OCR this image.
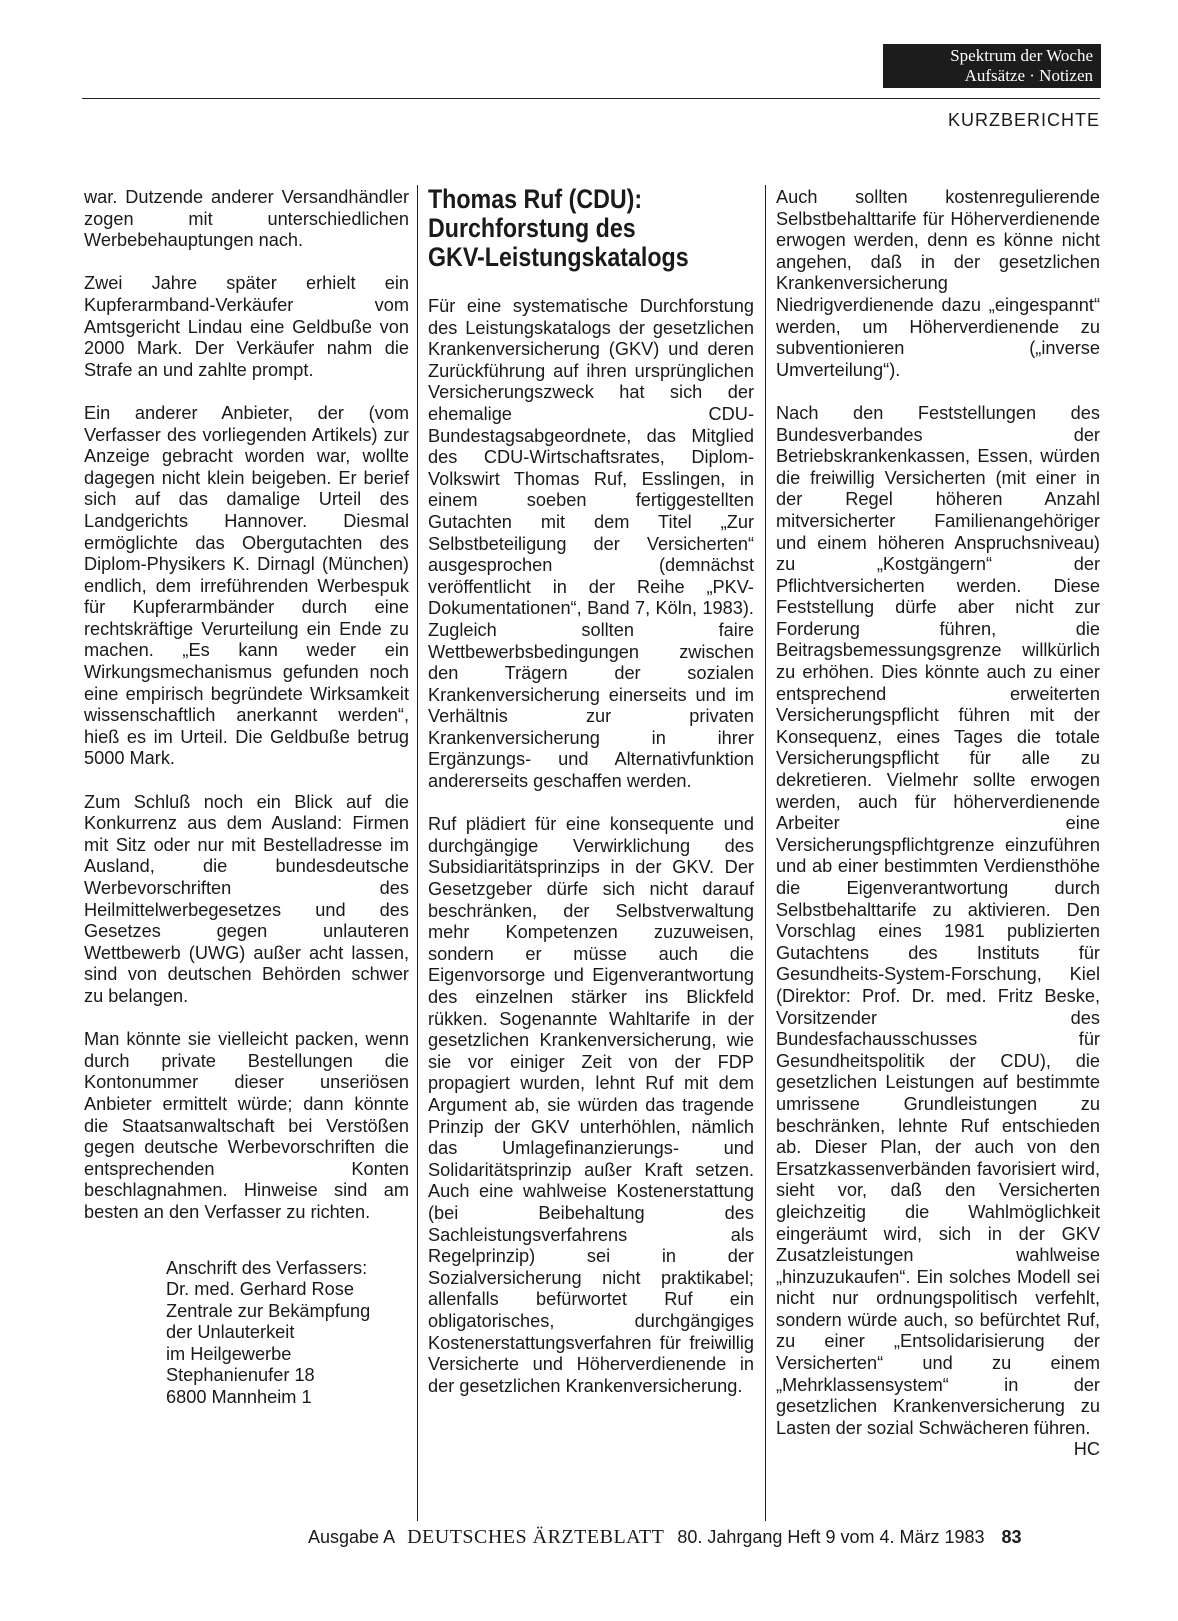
Spektrum der Woche
Aufsätze · Notizen
KURZBERICHTE

war. Dutzende anderer Versandhändler zogen mit unterschiedlichen Werbebehauptungen nach.

Zwei Jahre später erhielt ein Kupferarmband-Verkäufer vom Amtsgericht Lindau eine Geldbuße von 2000 Mark. Der Verkäufer nahm die Strafe an und zahlte prompt.

Ein anderer Anbieter, der (vom Verfasser des vorliegenden Artikels) zur Anzeige gebracht worden war, wollte dagegen nicht klein beigeben. Er berief sich auf das damalige Urteil des Landgerichts Hannover. Diesmal ermöglichte das Obergutachten des Diplom-Physikers K. Dirnagl (München) endlich, dem irreführenden Werbespuk für Kupferarmbänder durch eine rechtskräftige Verurteilung ein Ende zu machen. „Es kann weder ein Wirkungsmechanismus gefunden noch eine empirisch begründete Wirksamkeit wissenschaftlich anerkannt werden“, hieß es im Urteil. Die Geldbuße betrug 5000 Mark.

Zum Schluß noch ein Blick auf die Konkurrenz aus dem Ausland: Firmen mit Sitz oder nur mit Bestelladresse im Ausland, die bundesdeutsche Werbevorschriften des Heilmittelwerbegesetzes und des Gesetzes gegen unlauteren Wettbewerb (UWG) außer acht lassen, sind von deutschen Behörden schwer zu belangen.

Man könnte sie vielleicht packen, wenn durch private Bestellungen die Kontonummer dieser unseriösen Anbieter ermittelt würde; dann könnte die Staatsanwaltschaft bei Verstößen gegen deutsche Werbevorschriften die entsprechenden Konten beschlagnahmen. Hinweise sind am besten an den Verfasser zu richten.

Anschrift des Verfassers:
Dr. med. Gerhard Rose
Zentrale zur Bekämpfung
der Unlauterkeit
im Heilgewerbe
Stephanienufer 18
6800 Mannheim 1
Thomas Ruf (CDU):
Durchforstung des
GKV-Leistungskatalogs

Für eine systematische Durchforstung des Leistungskatalogs der gesetzlichen Krankenversicherung (GKV) und deren Zurückführung auf ihren ursprünglichen Versicherungszweck hat sich der ehemalige CDU-Bundestagsabgeordnete, das Mitglied des CDU-Wirtschaftsrates, Diplom-Volkswirt Thomas Ruf, Esslingen, in einem soeben fertiggestellten Gutachten mit dem Titel „Zur Selbstbeteiligung der Versicherten“ ausgesprochen (demnächst veröffentlicht in der Reihe „PKV-Dokumentationen“, Band 7, Köln, 1983). Zugleich sollten faire Wettbewerbsbedingungen zwischen den Trägern der sozialen Krankenversicherung einerseits und im Verhältnis zur privaten Krankenversicherung in ihrer Ergänzungs- und Alternativfunktion andererseits geschaffen werden.

Ruf plädiert für eine konsequente und durchgängige Verwirklichung des Subsidiaritätsprinzips in der GKV. Der Gesetzgeber dürfe sich nicht darauf beschränken, der Selbstverwaltung mehr Kompetenzen zuzuweisen, sondern er müsse auch die Eigenvorsorge und Eigenverantwortung des einzelnen stärker ins Blickfeld rükken. Sogenannte Wahltarife in der gesetzlichen Krankenversicherung, wie sie vor einiger Zeit von der FDP propagiert wurden, lehnt Ruf mit dem Argument ab, sie würden das tragende Prinzip der GKV unterhöhlen, nämlich das Umlagefinanzierungs- und Solidaritätsprinzip außer Kraft setzen. Auch eine wahlweise Kostenerstattung (bei Beibehaltung des Sachleistungsverfahrens als Regelprinzip) sei in der Sozialversicherung nicht praktikabel; allenfalls befürwortet Ruf ein obligatorisches, durchgängiges Kostenerstattungsverfahren für freiwillig Versicherte und Höherverdienende in der gesetzlichen Krankenversicherung.

Auch sollten kostenregulierende Selbstbehalttarife für Höherverdienende erwogen werden, denn es könne nicht angehen, daß in der gesetzlichen Krankenversicherung Niedrigverdienende dazu „eingespannt“ werden, um Höherverdienende zu subventionieren („inverse Umverteilung“).

Nach den Feststellungen des Bundesverbandes der Betriebskrankenkassen, Essen, würden die freiwillig Versicherten (mit einer in der Regel höheren Anzahl mitversicherter Familienangehöriger und einem höheren Anspruchsniveau) zu „Kostgängern“ der Pflichtversicherten werden. Diese Feststellung dürfe aber nicht zur Forderung führen, die Beitragsbemessungsgrenze willkürlich zu erhöhen. Dies könnte auch zu einer entsprechend erweiterten Versicherungspflicht führen mit der Konsequenz, eines Tages die totale Versicherungspflicht für alle zu dekretieren. Vielmehr sollte erwogen werden, auch für höherverdienende Arbeiter eine Versicherungspflichtgrenze einzuführen und ab einer bestimmten Verdiensthöhe die Eigenverantwortung durch Selbstbehalttarife zu aktivieren. Den Vorschlag eines 1981 publizierten Gutachtens des Instituts für Gesundheits-System-Forschung, Kiel (Direktor: Prof. Dr. med. Fritz Beske, Vorsitzender des Bundesfachausschusses für Gesundheitspolitik der CDU), die gesetzlichen Leistungen auf bestimmte umrissene Grundleistungen zu beschränken, lehnte Ruf entschieden ab. Dieser Plan, der auch von den Ersatzkassenverbänden favorisiert wird, sieht vor, daß den Versicherten gleichzeitig die Wahlmöglichkeit eingeräumt wird, sich in der GKV Zusatzleistungen wahlweise „hinzuzukaufen“. Ein solches Modell sei nicht nur ordnungspolitisch verfehlt, sondern würde auch, so befürchtet Ruf, zu einer „Entsolidarisierung der Versicherten“ und zu einem „Mehrklassensystem“ in der gesetzlichen Krankenversicherung zu Lasten der sozial Schwächeren führen.

HC
Ausgabe A DEUTSCHES ÄRZTEBLATT 80. Jahrgang Heft 9 vom 4. März 1983 83
